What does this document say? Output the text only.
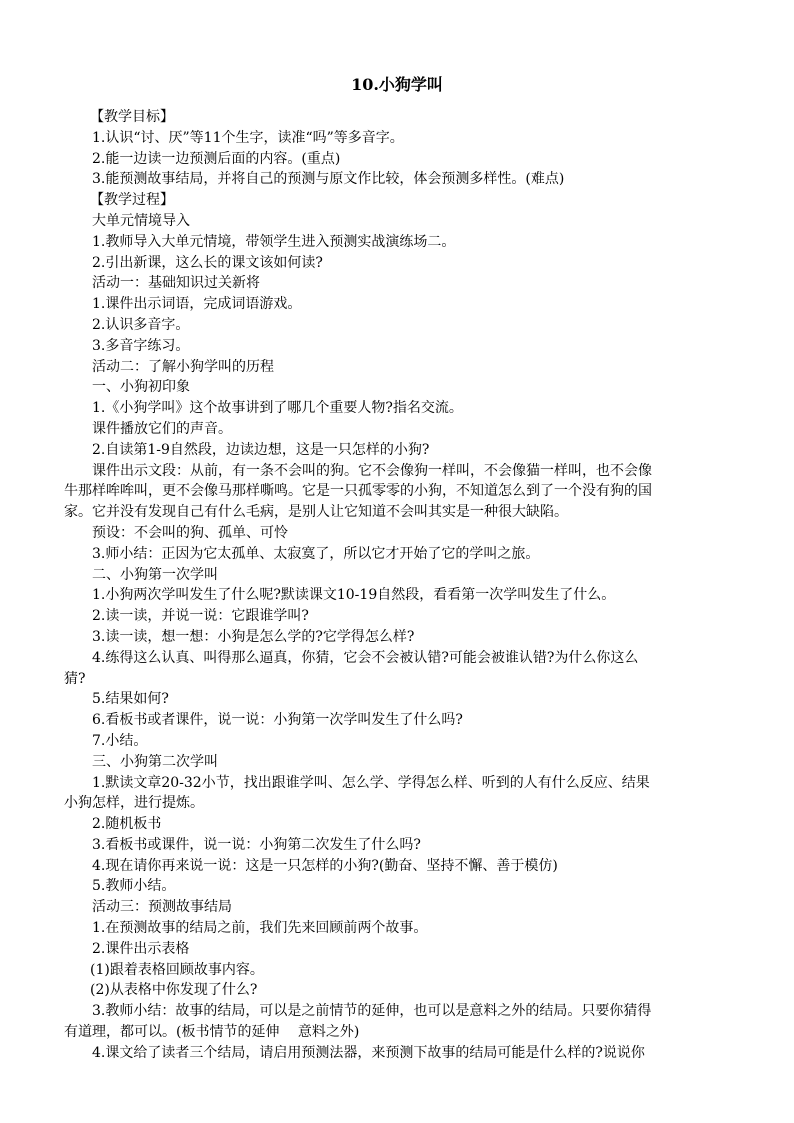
10.小狗学叫
【教学目标】
1.认识“讨、厌”等11个生字，读准“吗”等多音字。
2.能一边读一边预测后面的内容。(重点)
3.能预测故事结局，并将自己的预测与原文作比较，体会预测多样性。(难点)
【教学过程】
大单元情境导入
1.教师导入大单元情境，带领学生进入预测实战演练场二。
2.引出新课，这么长的课文该如何读?
活动一：基础知识过关新将
1.课件出示词语，完成词语游戏。
2.认识多音字。
3.多音字练习。
活动二：了解小狗学叫的历程
一、小狗初印象
1.《小狗学叫》这个故事讲到了哪几个重要人物?指名交流。
课件播放它们的声音。
2.自读第1-9自然段，边读边想，这是一只怎样的小狗?
课件出示文段：从前，有一条不会叫的狗。它不会像狗一样叫，不会像猫一样叫，也不会像
牛那样哞哞叫，更不会像马那样嘶鸣。它是一只孤零零的小狗，不知道怎么到了一个没有狗的国
家。它并没有发现自己有什么毛病，是别人让它知道不会叫其实是一种很大缺陷。
预设：不会叫的狗、孤单、可怜
3.师小结：正因为它太孤单、太寂寞了，所以它才开始了它的学叫之旅。
二、小狗第一次学叫
1.小狗两次学叫发生了什么呢?默读课文10-19自然段，看看第一次学叫发生了什么。
2.读一读，并说一说：它跟谁学叫?
3.读一读，想一想：小狗是怎么学的?它学得怎么样?
4.练得这么认真、叫得那么逼真，你猜，它会不会被认错?可能会被谁认错?为什么你这么
猜?
5.结果如何?
6.看板书或者课件，说一说：小狗第一次学叫发生了什么吗?
7.小结。
三、小狗第二次学叫
1.默读文章20-32小节，找出跟谁学叫、怎么学、学得怎么样、听到的人有什么反应、结果
小狗怎样，进行提炼。
2.随机板书
3.看板书或课件，说一说：小狗第二次发生了什么吗?
4.现在请你再来说一说：这是一只怎样的小狗?(勤奋、坚持不懈、善于模仿)
5.教师小结。
活动三：预测故事结局
1.在预测故事的结局之前，我们先来回顾前两个故事。
2.课件出示表格
(1)跟着表格回顾故事内容。
(2)从表格中你发现了什么?
3.教师小结：故事的结局，可以是之前情节的延伸，也可以是意料之外的结局。只要你猜得
有道理，都可以。(板书情节的延伸　 意料之外)
4.课文给了读者三个结局，请启用预测法器，来预测下故事的结局可能是什么样的?说说你
